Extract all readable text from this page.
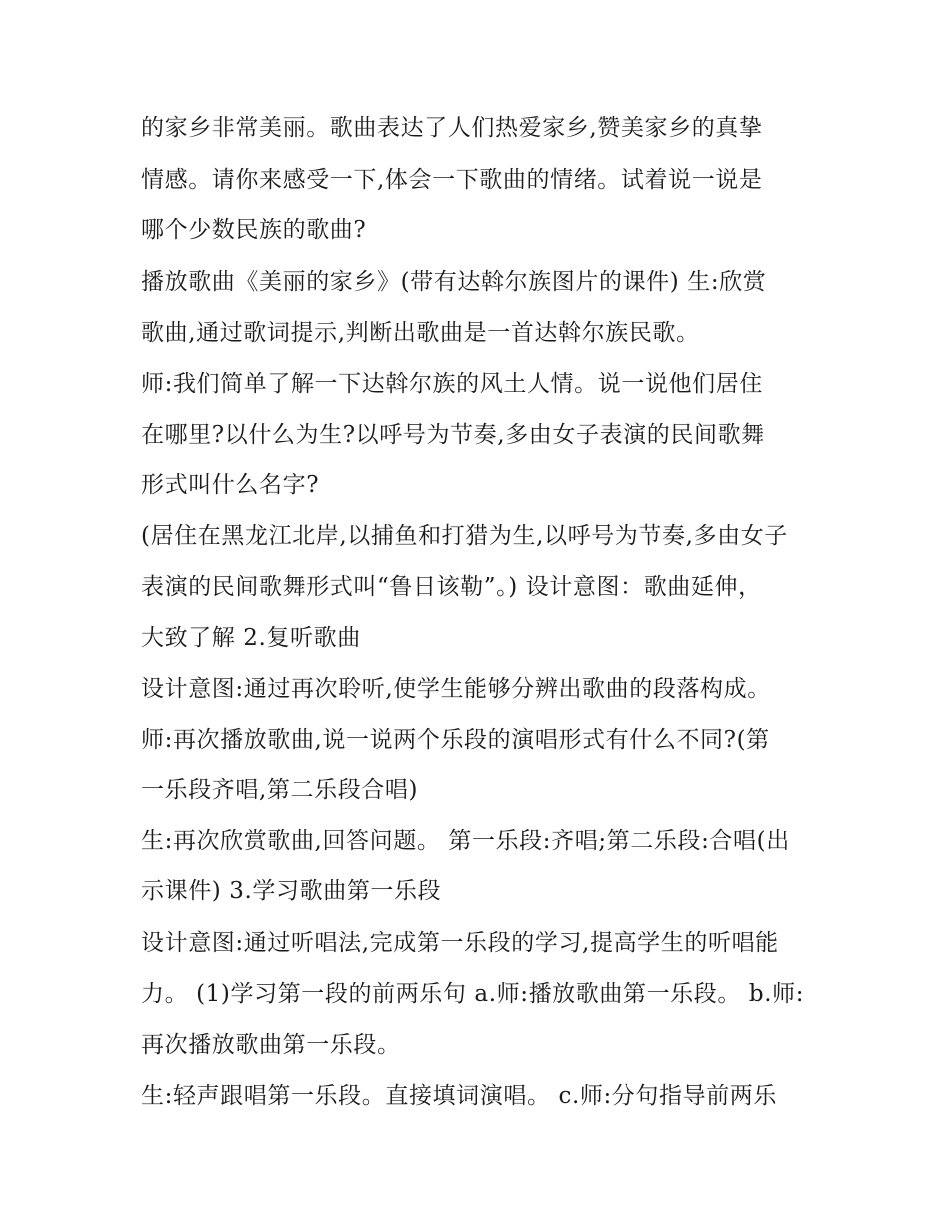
的家乡非常美丽。歌曲表达了人们热爱家乡,赞美家乡的真挚
情感。请你来感受一下,体会一下歌曲的情绪。试着说一说是
哪个少数民族的歌曲?
播放歌曲《美丽的家乡》(带有达斡尔族图片的课件) 生:欣赏
歌曲,通过歌词提示,判断出歌曲是一首达斡尔族民歌。
师:我们简单了解一下达斡尔族的风土人情。说一说他们居住
在哪里?以什么为生?以呼号为节奏,多由女子表演的民间歌舞
形式叫什么名字?
(居住在黑龙江北岸,以捕鱼和打猎为生,以呼号为节奏,多由女子
表演的民间歌舞形式叫“鲁日该勒”。) 设计意图：歌曲延伸，
大致了解 2.复听歌曲
设计意图:通过再次聆听,使学生能够分辨出歌曲的段落构成。
师:再次播放歌曲,说一说两个乐段的演唱形式有什么不同?(第
一乐段齐唱,第二乐段合唱)
生:再次欣赏歌曲,回答问题。 第一乐段:齐唱;第二乐段:合唱(出
示课件) 3.学习歌曲第一乐段
设计意图:通过听唱法,完成第一乐段的学习,提高学生的听唱能
力。 (1)学习第一段的前两乐句 a.师:播放歌曲第一乐段。 b.师:
再次播放歌曲第一乐段。
生:轻声跟唱第一乐段。直接填词演唱。 c.师:分句指导前两乐
